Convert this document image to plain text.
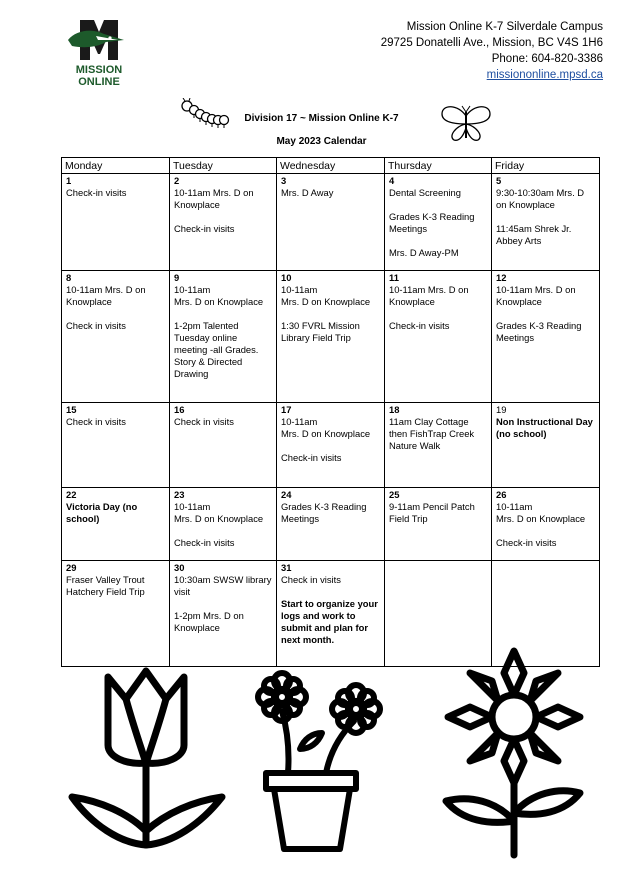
MISSION
ONLINE
Mission Online K-7 Silverdale Campus
29725 Donatelli Ave., Mission, BC V4S 1H6
Phone: 604-820-3386
missiononline.mpsd.ca
Division 17 ~ Mission Online K-7
May 2023 Calendar
Monday	Tuesday	Wednesday	Thursday	Friday

1
Check-in visits	2
10-11am Mrs. D on Knowplace
Check-in visits	3
Mrs. D Away	4
Dental Screening
Grades K-3 Reading Meetings
Mrs. D Away-PM	5
9:30-10:30am Mrs. D on Knowplace
11:45am Shrek Jr. Abbey Arts

8
10-11am Mrs. D on Knowplace
Check in visits	9
10-11am
Mrs. D on Knowplace
1-2pm Talented Tuesday online meeting -all Grades. Story & Directed Drawing	10
10-11am
Mrs. D on Knowplace
1:30 FVRL Mission Library Field Trip	11
10-11am Mrs. D on Knowplace
Check-in visits	12
10-11am Mrs. D on Knowplace
Grades K-3 Reading Meetings

15
Check in visits	16
Check in visits	17
10-11am
Mrs. D on Knowplace
Check-in visits	18
11am Clay Cottage then FishTrap Creek Nature Walk	19
Non Instructional Day (no school)

22
Victoria Day (no school)	23
10-11am
Mrs. D on Knowplace
Check-in visits	24
Grades K-3 Reading Meetings	25
9-11am Pencil Patch Field Trip	26
10-11am
Mrs. D on Knowplace
Check-in visits

29
Fraser Valley Trout Hatchery Field Trip	30
10:30am SWSW library visit
1-2pm Mrs. D on Knowplace	31
Check in visits
Start to organize your logs and work to submit and plan for next month.		
